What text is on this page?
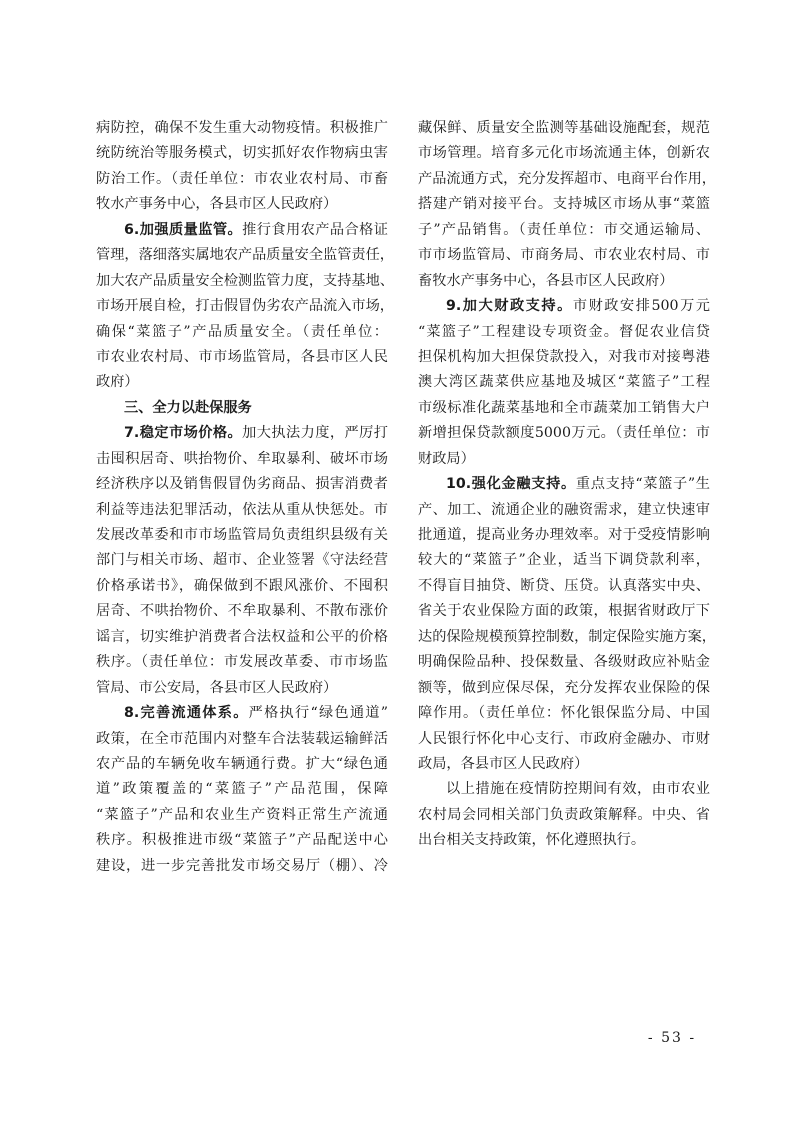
病防控，确保不发生重大动物疫情。积极推广
统防统治等服务模式，切实抓好农作物病虫害
防治工作。（责任单位：市农业农村局、市畜
牧水产事务中心，各县市区人民政府）
6.加强质量监管。推行食用农产品合格证
管理，落细落实属地农产品质量安全监管责任，
加大农产品质量安全检测监管力度，支持基地、
市场开展自检，打击假冒伪劣农产品流入市场，
确保“菜篮子”产品质量安全。（责任单位：
市农业农村局、市市场监管局，各县市区人民
政府）
三、全力以赴保服务
7.稳定市场价格。加大执法力度，严厉打
击囤积居奇、哄抬物价、牟取暴利、破坏市场
经济秩序以及销售假冒伪劣商品、损害消费者
利益等违法犯罪活动，依法从重从快惩处。市
发展改革委和市市场监管局负责组织县级有关
部门与相关市场、超市、企业签署《守法经营
价格承诺书》，确保做到不跟风涨价、不囤积
居奇、不哄抬物价、不牟取暴利、不散布涨价
谣言，切实维护消费者合法权益和公平的价格
秩序。（责任单位：市发展改革委、市市场监
管局、市公安局，各县市区人民政府）
8.完善流通体系。严格执行“绿色通道”
政策，在全市范围内对整车合法装载运输鲜活
农产品的车辆免收车辆通行费。扩大“绿色通
道”政策覆盖的“菜篮子”产品范围，保障
“菜篮子”产品和农业生产资料正常生产流通
秩序。积极推进市级“菜篮子”产品配送中心
建设，进一步完善批发市场交易厅（棚）、冷
藏保鲜、质量安全监测等基础设施配套，规范
市场管理。培育多元化市场流通主体，创新农
产品流通方式，充分发挥超市、电商平台作用，
搭建产销对接平台。支持城区市场从事“菜篮
子”产品销售。（责任单位：市交通运输局、
市市场监管局、市商务局、市农业农村局、市
畜牧水产事务中心，各县市区人民政府）
9.加大财政支持。市财政安排500万元
“菜篮子”工程建设专项资金。督促农业信贷
担保机构加大担保贷款投入，对我市对接粤港
澳大湾区蔬菜供应基地及城区“菜篮子”工程
市级标准化蔬菜基地和全市蔬菜加工销售大户
新增担保贷款额度5000万元。（责任单位：市
财政局）
10.强化金融支持。重点支持“菜篮子”生
产、加工、流通企业的融资需求，建立快速审
批通道，提高业务办理效率。对于受疫情影响
较大的“菜篮子”企业，适当下调贷款利率，
不得盲目抽贷、断贷、压贷。认真落实中央、
省关于农业保险方面的政策，根据省财政厅下
达的保险规模预算控制数，制定保险实施方案，
明确保险品种、投保数量、各级财政应补贴金
额等，做到应保尽保，充分发挥农业保险的保
障作用。（责任单位：怀化银保监分局、中国
人民银行怀化中心支行、市政府金融办、市财
政局，各县市区人民政府）
以上措施在疫情防控期间有效，由市农业
农村局会同相关部门负责政策解释。中央、省
出台相关支持政策，怀化遵照执行。
- 53 -
